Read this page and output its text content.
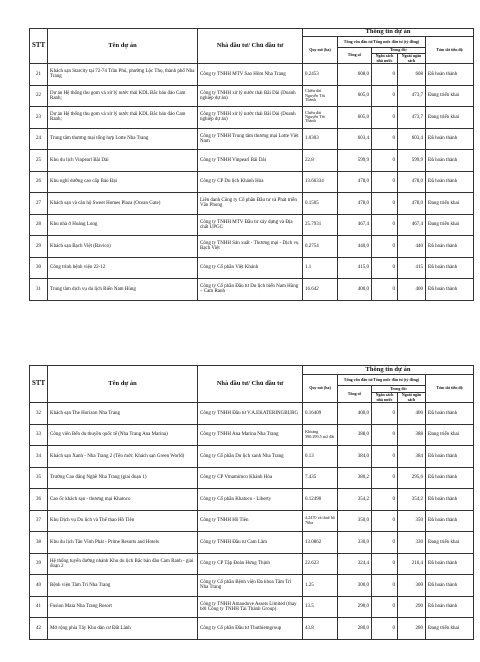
STT	Tên dự án	Nhà đầu tư/ Chủ đầu tư	Thông tin dự án				
			Quy mô (ha)	Tổng vốn đầu tư/Tổng mức đầu tư (tỷ đồng)			Tóm tắt tiến độ
				Tổng số	Trong đó:		
					Ngân sách nhà nước	Ngoài ngân sách	
21	Khách sạn Starcity tại 72-74 Trần Phú, phường Lộc Thọ, thành phố Nha Trang	Công ty TNHH MTV Sao Hôm Nha Trang	0.2453	608,0	0	608	Đã hoàn thành
22	Dự án Hệ thống thu gom và xử lý nước thải KDL Bắc bán đảo Cam Ranh;	Công ty TNHH xử lý nước thải Bãi Dài (Doanh nghiệp dự án)	Chiều dài Nguyễn Tất Thành	605,0	0	473,7	Đang triển khai
23	Dự án Hệ thống thu gom và xử lý nước thải KDL Bắc bán đảo Cam Ranh;	Công ty TNHH xử lý nước thải Bãi Dài (Doanh nghiệp dự án)	Chiều dài Nguyễn Tất Thành	605,0	0	473,7	Đang triển khai
24	Trung tâm thương mại tổng hợp Lotte Nha Trang	Công ty TNHH Trung tâm thương mại Lotte Việt Nam	1.0303	603,4	0	603,4	Đã hoàn thành
25	Khu du lịch Vinpearl Bãi Dài	Công ty TNHH Vinpearl Bãi Dài	22.8	599,9	0	599,9	Đã hoàn thành
26	Khu nghỉ dưỡng cao cấp Bảo Đại	Công ty CP Du lịch Khánh Hòa	13.66334	478,0	0	478,0	Đã hoàn thành
27	Khách sạn và căn hộ Sweet Homes Plaza (Ocean Gate)	Liên danh Công ty Cổ phần Đầu tư và Phát triển Văn Phong	0.1505	478,0	0	478,0	Đang triển khai
28	Khu nhà ở Hoàng Long	Công ty TNHH MTV Đầu tư xây dựng và Địa chất UPGC	25.7931	467,4	0	467,4	Đang triển khai
29	Khách sạn Bạch Việt (Bavico)	Công ty TNHH Sản xuất - Thương mại - Dịch vụ Bạch Việt	0.2754	440,0	0	440	Đã hoàn thành
30	Công trình bệnh viện 22-12	Công ty Cổ phần Việt Khánh	1.1	415,0	0	415	Đã hoàn thành
31	Trung tâm dịch vụ du lịch Biển Nam Hùng	Công ty Cổ phần Đầu tư Du lịch biển Nam Hùng – Cam Ranh	16.642	400,0	0	400	Đã hoàn thành
STT	Tên dự án	Nhà đầu tư/ Chủ đầu tư	Thông tin dự án				
			Quy mô (ha)	Tổng vốn đầu tư/Tổng mức đầu tư (tỷ đồng)			Tóm tắt tiến độ
				Tổng số	Trong đó:		
					Ngân sách nhà nước	Ngoài ngân sách	
32	Khách sạn The Horizon Nha Trang	Công ty TNHH Đầu tư V.A.EKATERINGBURG	0.16409	400,0	0	400	Đã hoàn thành
33	Công viên Bến du thuyền quốc tế (Nha Trang Ana Marina)	Công ty TNHH Ana Marina Nha Trang	Khoảng 390.299,5 m2 đất	388,0	0	388	Đang triển khai
34	Khách sạn Xanh - Nha Trang 2 (Tên mới: Khách sạn Green World)	Công ty Cổ phần Du lịch xanh Nha Trang	0.13	384,0	0	384	Đã hoàn thành
35	Trường Cao đẳng Nghề Nha Trang (giai đoạn 1)	Công ty CP Vmamimco Khánh Hòa	7.435	380,2	0	295,6	Đã hoàn thành
36	Cao ốc khách sạn - thương mại Khatoco	Công ty Cổ phần Khatoco - Liberty	0.12490	354,2	0	354,2	Đã hoàn thành
37	Khu Dịch vụ Du lịch và Thể thao Hồ Tiên	Công ty TNHH Hồ Tiên	4,2470 và thuê hồ 76ha	350,0	0	350	Đã hoàn thành
38	Khu du lịch Tân Vĩnh Phát - Prime Resorts and Hotels	Công ty TNHH Đầu tư Cam Lâm	13.0862	330,0	0	330	Đang triển khai
39	Hệ thống tuyến đường nhánh Khu du lịch Bắc bán đảo Cam Ranh - giai đoạn 2	Công ty CP Tập Đoàn Hưng Thịnh	22.623	324,4	0	216,4	Đã hoàn thành
40	Bệnh viện Tâm Trí Nha Trang	Công ty Cổ phần Bệnh viện Đa khoa Tâm Trí Nha Trang	1.25	300,0	0	300	Đã hoàn thành
41	Fusion Maia Nha Trang Resort	Công ty TNHH Amaodove Assets Limited (thay bởi Công ty TNHH Tài Thành Group)	13.5	290,0	0	290	Đã hoàn thành
42	Mở rộng phía Tây Khu dân cư Đất Lành	Công ty Cổ phần Đầu tư Thuthiemgroup	43.8	280,0	0	280	Đang triển khai
